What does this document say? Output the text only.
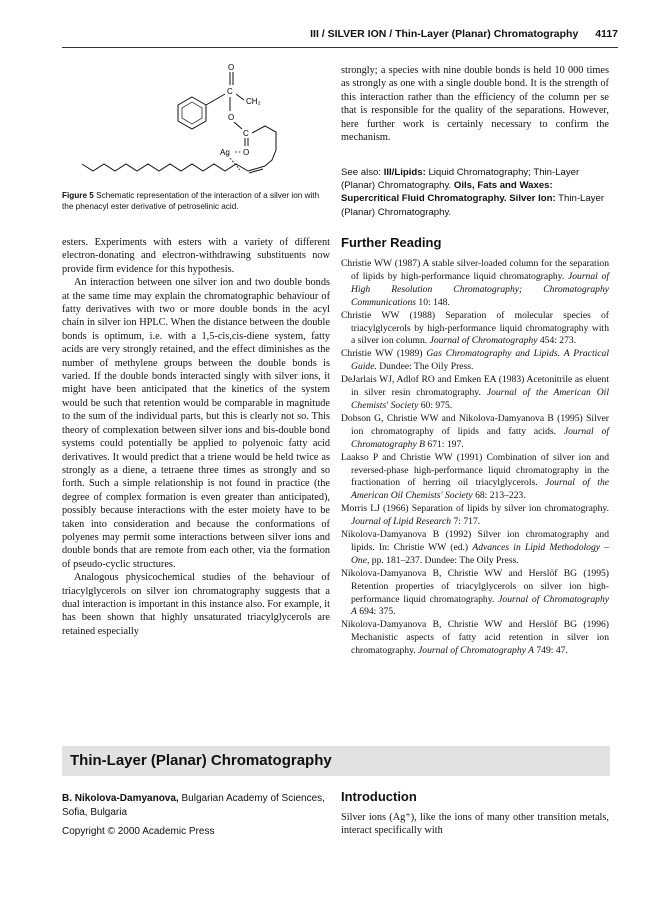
III / SILVER ION / Thin-Layer (Planar) Chromatography 4117
O
C
CH₂
O
C
O
Ag
Figure 5 Schematic representation of the interaction of a silver ion with the phenacyl ester derivative of petroselinic acid.

esters. Experiments with esters with a variety of different electron-donating and electron-withdrawing substituents now provide firm evidence for this hypothesis.

An interaction between one silver ion and two double bonds at the same time may explain the chromatographic behaviour of fatty derivatives with two or more double bonds in the acyl chain in silver ion HPLC. When the distance between the double bonds is optimum, i.e. with a 1,5-cis,cis-diene system, fatty acids are very strongly retained, and the effect diminishes as the number of methylene groups between the double bonds is varied. If the double bonds interacted singly with silver ions, it might have been anticipated that the kinetics of the system would be such that retention would be comparable in magnitude to the sum of the individual parts, but this is clearly not so. This theory of complexation between silver ions and bis-double bond systems could potentially be applied to polyenoic fatty acid derivatives. It would predict that a triene would be held twice as strongly as a diene, a tetraene three times as strongly and so forth. Such a simple relationship is not found in practice (the degree of complex formation is even greater than anticipated), possibly because interactions with the ester moiety have to be taken into consideration and because the conformations of polyenes may permit some interactions between silver ions and double bonds that are remote from each other, via the formation of pseudo-cyclic structures.

Analogous physicochemical studies of the behaviour of triacylglycerols on silver ion chromatography suggests that a dual interaction is important in this instance also. For example, it has been shown that highly unsaturated triacylglycerols are retained especially

strongly; a species with nine double bonds is held 10 000 times as strongly as one with a single double bond. It is the strength of this interaction rather than the efficiency of the column per se that is responsible for the quality of the separations. However, here further work is certainly necessary to confirm the mechanism.

See also: III/Lipids: Liquid Chromatography; Thin-Layer (Planar) Chromatography. Oils, Fats and Waxes: Supercritical Fluid Chromatography. Silver Ion: Thin-Layer (Planar) Chromatography.
Further Reading

Christie WW (1987) A stable silver-loaded column for the separation of lipids by high-performance liquid chromatography. Journal of High Resolution Chromatography; Chromatography Communications 10: 148.

Christie WW (1988) Separation of molecular species of triacylglycerols by high-performance liquid chromatography with a silver ion column. Journal of Chromatography 454: 273.

Christie WW (1989) Gas Chromatography and Lipids. A Practical Guide. Dundee: The Oily Press.

DeJarlais WJ, Adlof RO and Emken EA (1983) Acetonitrile as eluent in silver resin chromatography. Journal of the American Oil Chemists' Society 60: 975.

Dobson G, Christie WW and Nikolova-Damyanova B (1995) Silver ion chromatography of lipids and fatty acids. Journal of Chromatography B 671: 197.

Laakso P and Christie WW (1991) Combination of silver ion and reversed-phase high-performance liquid chromatography in the fractionation of herring oil triacylglycerols. Journal of the American Oil Chemists' Society 68: 213–223.

Morris LJ (1966) Separation of lipids by silver ion chromatography. Journal of Lipid Research 7: 717.

Nikolova-Damyanova B (1992) Silver ion chromatography and lipids. In: Christie WW (ed.) Advances in Lipid Methodology – One, pp. 181–237. Dundee: The Oily Press.

Nikolova-Damyanova B, Christie WW and Herslöf BG (1995) Retention properties of triacylglycerols on silver ion high-performance liquid chromatography. Journal of Chromatography A 694: 375.

Nikolova-Damyanova B, Christie WW and Herslöf BG (1996) Mechanistic aspects of fatty acid retention in silver ion chromatography. Journal of Chromatography A 749: 47.

Thin-Layer (Planar) Chromatography
B. Nikolova-Damyanova, Bulgarian Academy of Sciences, Sofia, Bulgaria
Copyright © 2000 Academic Press
Introduction
Silver ions (Ag⁺), like the ions of many other transition metals, interact specifically with
